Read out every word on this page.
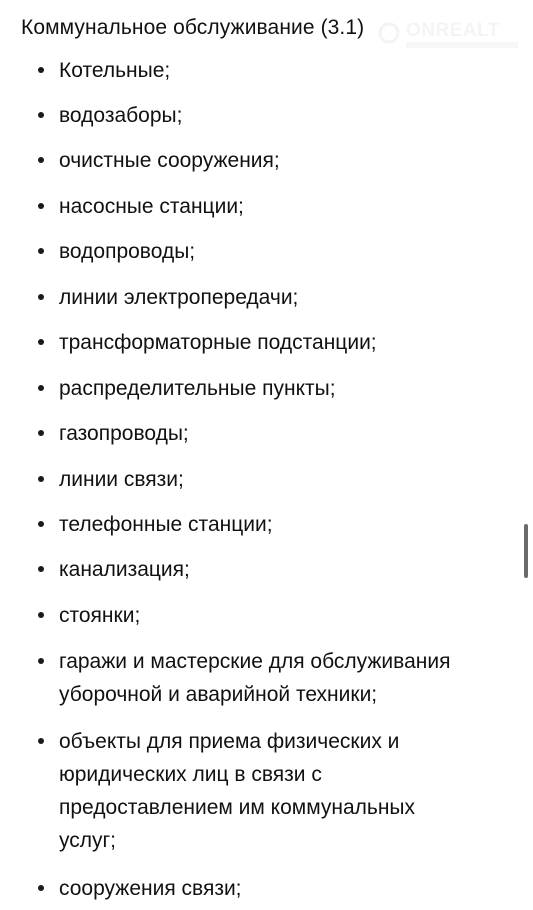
Коммунальное обслуживание (3.1) ONREALT
Котельные;
водозаборы;
очистные сооружения;
насосные станции;
водопроводы;
линии электропередачи;
трансформаторные подстанции;
распределительные пункты;
газопроводы;
линии связи;
телефонные станции;
канализация;
стоянки;
гаражи и мастерские для обслуживания
уборочной и аварийной техники;
объекты для приема физических и
юридических лиц в связи с
предоставлением им коммунальных
услуг;
сооружения связи;
